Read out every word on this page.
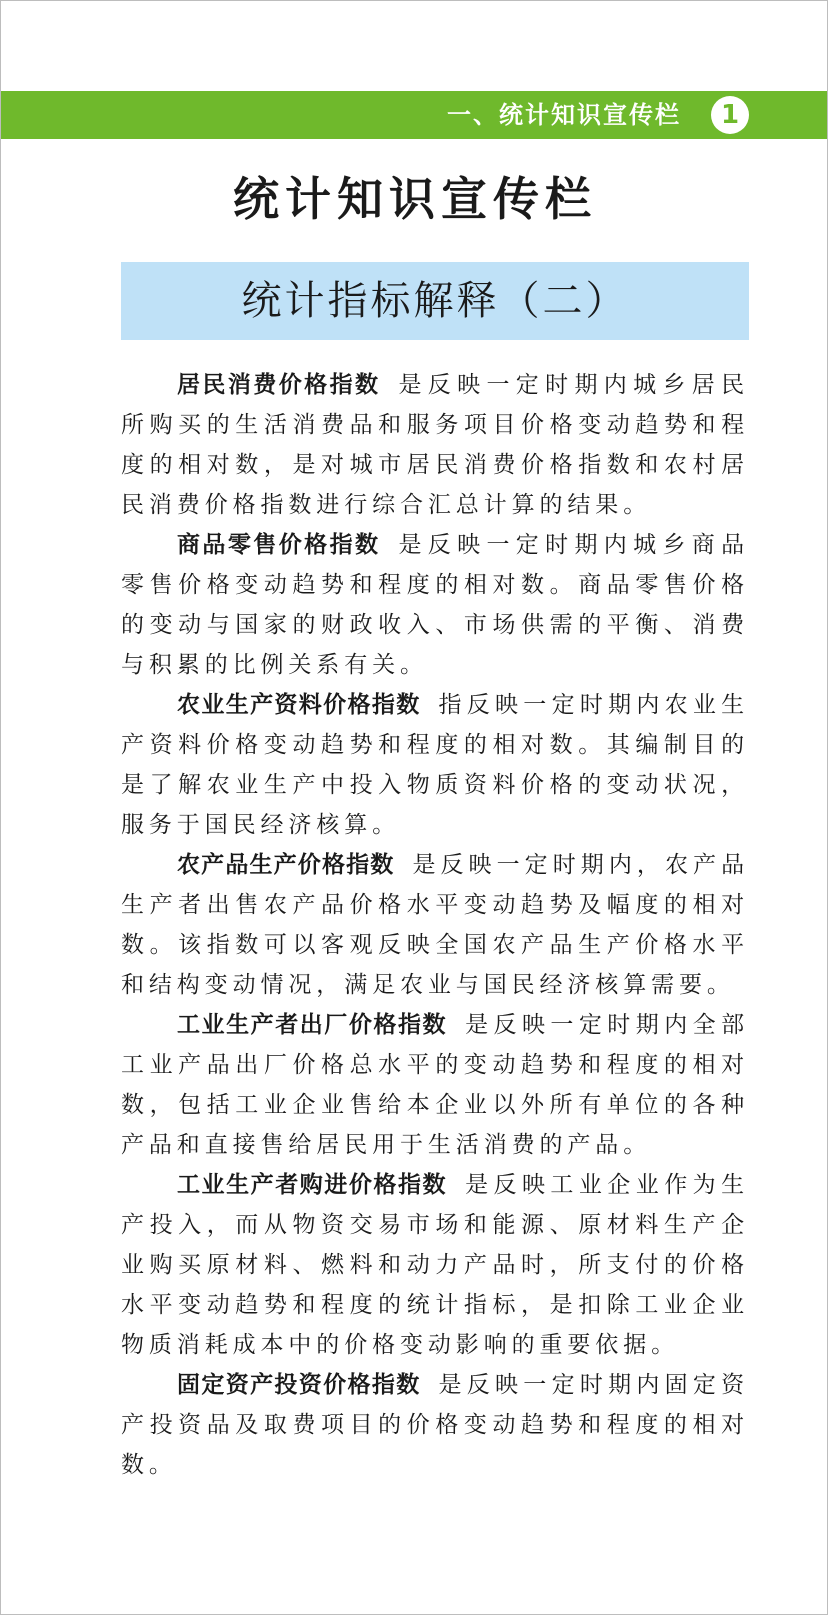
一、统计知识宣传栏	1
统计知识宣传栏
统计指标解释（二）

居民消费价格指数 是反映一定时期内城乡居民所购买的生活消费品和服务项目价格变动趋势和程度的相对数，是对城市居民消费价格指数和农村居民消费价格指数进行综合汇总计算的结果。

商品零售价格指数 是反映一定时期内城乡商品零售价格变动趋势和程度的相对数。商品零售价格的变动与国家的财政收入、市场供需的平衡、消费与积累的比例关系有关。

农业生产资料价格指数 指反映一定时期内农业生产资料价格变动趋势和程度的相对数。其编制目的是了解农业生产中投入物质资料价格的变动状况，服务于国民经济核算。

农产品生产价格指数 是反映一定时期内，农产品生产者出售农产品价格水平变动趋势及幅度的相对数。该指数可以客观反映全国农产品生产价格水平和结构变动情况，满足农业与国民经济核算需要。

工业生产者出厂价格指数 是反映一定时期内全部工业产品出厂价格总水平的变动趋势和程度的相对数，包括工业企业售给本企业以外所有单位的各种产品和直接售给居民用于生活消费的产品。

工业生产者购进价格指数 是反映工业企业作为生产投入，而从物资交易市场和能源、原材料生产企业购买原材料、燃料和动力产品时，所支付的价格水平变动趋势和程度的统计指标，是扣除工业企业物质消耗成本中的价格变动影响的重要依据。

固定资产投资价格指数 是反映一定时期内固定资产投资品及取费项目的价格变动趋势和程度的相对数。
